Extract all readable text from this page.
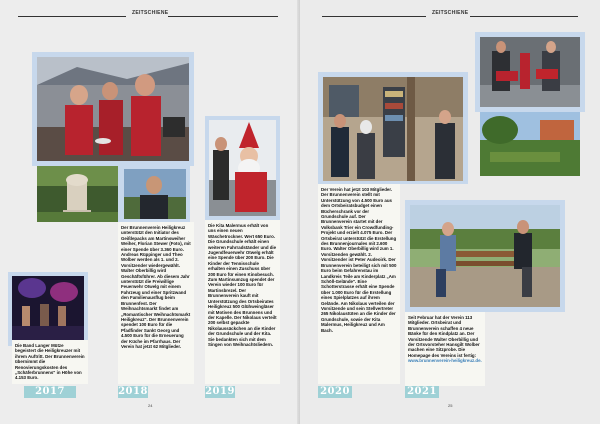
ZEITSCHIENE
Die Band Langer Mütze begeistert die Heiligkreuzer mit ihrem Auftritt. Der Brunnenverein übernimmt die Renovierungskosten des „Schäferbrunnens" in Höhe von 4.153 Euro.
Der Brunnenverein Heiligkreuz unterstützt den Initiator des Geißlepacks am Martinsweiher Weiher, Florian Stewer (Foto), mit einer Spende über 3.360 Euro. Andreas Rüppinger und Theo Wolber werden als 1. und 2. Vorsitzender wiedergewählt. Walter Oberbillig wird Geschäftsführer. Ab diesem Jahr unterstützt die Freiwillige Feuerwehr Otwelg mit einem Fahrzeug und einer Spritzwand den Familienausflug beim Brunnenfest. Der Weihnachtsmarkt findet am „Romantischer Weihnachtsmarkt Heiligkreuz". Der Brunnenverein spendet 100 Euro für die Pfadfinder Sankt Georg und 4.500 Euro für die Erneuerung der Küche im Pfarrhaus. Der Verein hat jetzt 62 Mitglieder.
Die Kita Malermus erhält von uns einen neuen Wäschetrockner. Wert 650 Euro. Die Grundschule erhält einen weiteren Fahrradständer und die Jugendfeuerwehr Otwelg erhält eine Spende über 200 Euro. Die Kinder der Tennisschule erhalten einen Zuschuss über 200 Euro für einen Kinobesuch. Zum Martinsumzug spendet der Verein wieder 100 Euro für Martinsbrezel. Der Brunnenverein kauft mit Unterstützung des Ortsbeirates Heiligkreuz 500 Glühweingläser mit Motiven des Brunnens und der Kapelle. Der Nikolaus verteilt 200 selbst gepackte Nikolaussäckchen an die Kinder der Grundschule und der Kita. Sie bedankten sich mit dem Singen von Weihnachtsliedern.
2017	2018	2019
24
ZEITSCHIENE
Der Verein hat jetzt 103 Mitglieder. Der Brunnenverein stellt mit Unterstützung von 4.500 Euro aus dem Ortsbeiratsbudget einen Bücherschrank vor der Grundschule auf. Der Brunnenverein startet mit der Volksbank Trier ein Crowdfunding-Projekt und erzielt 4.075 Euro. Der Ortsbeirat unterstützt die Erstellung des Brunnenjournales mit 2.600 Euro. Walter Oberbillig wird zum 1. Vorsitzenden gewählt. 2. Vorsitzender ist Peter Audeoirk. Der Brunnenverein beteiligt sich mit 500 Euro beim Gefahrenstau im Landkreis Teile am Kinderplatz „Am Schöll-Gelände". Eine Schotterstrasse erhält eine Spende über 1.000 Euro für die Erstellung eines Spielplatzes auf ihrem Gelände. Am Nikolaus verteilen der Vorsitzende und sein Stellvertreter 265 Nikolaustüten an die Kinder der Grundschule, sowie der Kita Malermus, Heiligkreuz und Am Bach.
Seit Februar hat der Verein 113 Mitglieder. Ortsbeirat und Brunnenverein schaffen 4 neue Bänke für den Kindplatz an. Der Vorsitzende Walter Oberbillig und der Ortsvorsteher Hansgilt Wolber machen eine Sitzprobe. Die Homepage des Vereins ist fertig:
www.brunnenverein-heiligkreuz.de.
2020	2021
25
